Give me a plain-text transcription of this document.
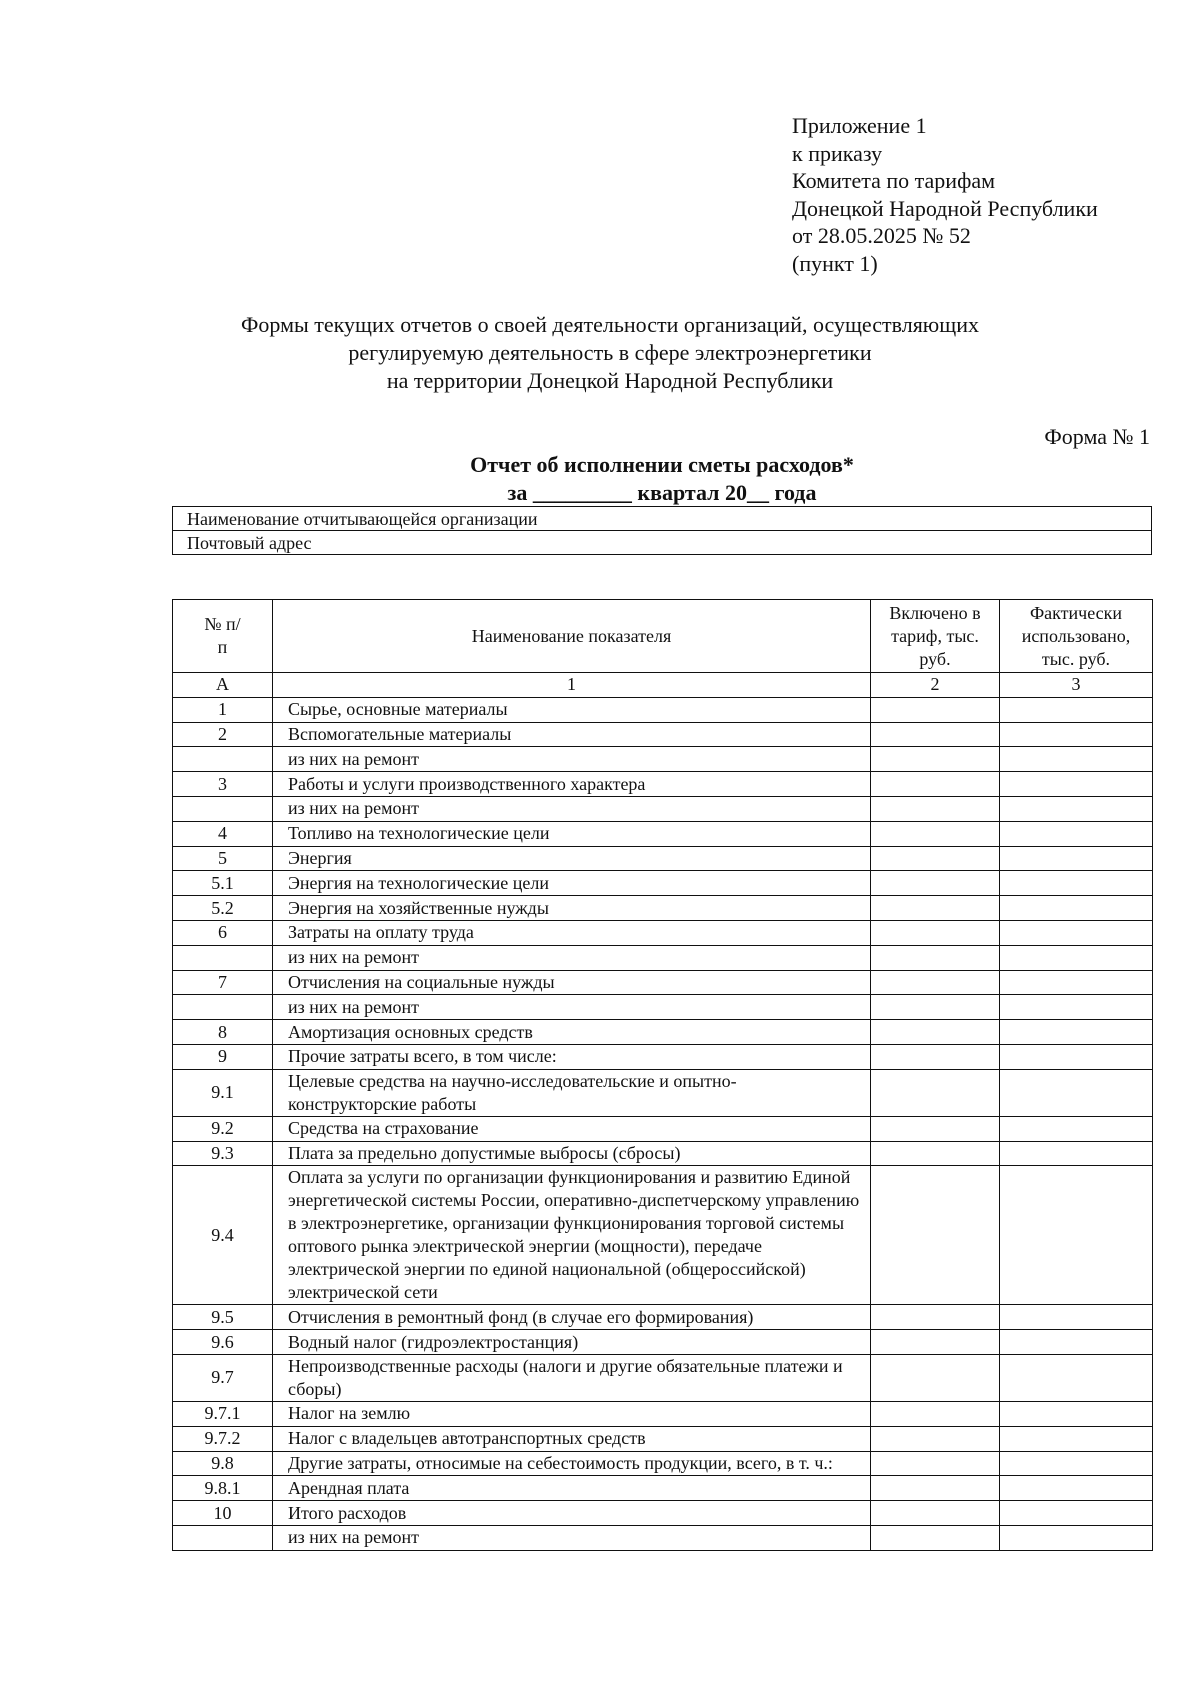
Приложение 1
к приказу
Комитета по тарифам
Донецкой Народной Республики
от 28.05.2025 № 52
(пункт 1)
Формы текущих отчетов о своей деятельности организаций, осуществляющих
регулируемую деятельность в сфере электроэнергетики
на территории Донецкой Народной Республики
Форма № 1
Отчет об исполнении сметы расходов*
за _________ квартал 20__ года
Наименование отчитывающейся организации
Почтовый адрес
№ п/п	Наименование показателя	Включено в тариф, тыс. руб.	Фактически использовано, тыс. руб.

А	1	2	3
1	Сырье, основные материалы		
2	Вспомогательные материалы		
	из них на ремонт		
3	Работы и услуги производственного характера		
	из них на ремонт		
4	Топливо на технологические цели		
5	Энергия		
5.1	Энергия на технологические цели		
5.2	Энергия на хозяйственные нужды		
6	Затраты на оплату труда		
	из них на ремонт		
7	Отчисления на социальные нужды		
	из них на ремонт		
8	Амортизация основных средств		
9	Прочие затраты всего, в том числе:		
9.1	Целевые средства на научно-исследовательские и опытно-конструкторские работы		
9.2	Средства на страхование		
9.3	Плата за предельно допустимые выбросы (сбросы)		
9.4	Оплата за услуги по организации функционирования и развитию Единой энергетической системы России, оперативно-диспетчерскому управлению в электроэнергетике, организации функционирования торговой системы оптового рынка электрической энергии (мощности), передаче электрической энергии по единой национальной (общероссийской) электрической сети		
9.5	Отчисления в ремонтный фонд (в случае его формирования)		
9.6	Водный налог (гидроэлектростанция)		
9.7	Непроизводственные расходы (налоги и другие обязательные платежи и сборы)		
9.7.1	Налог на землю		
9.7.2	Налог с владельцев автотранспортных средств		
9.8	Другие затраты, относимые на себестоимость продукции, всего, в т. ч.:		
9.8.1	Арендная плата		
10	Итого расходов		
	из них на ремонт		
